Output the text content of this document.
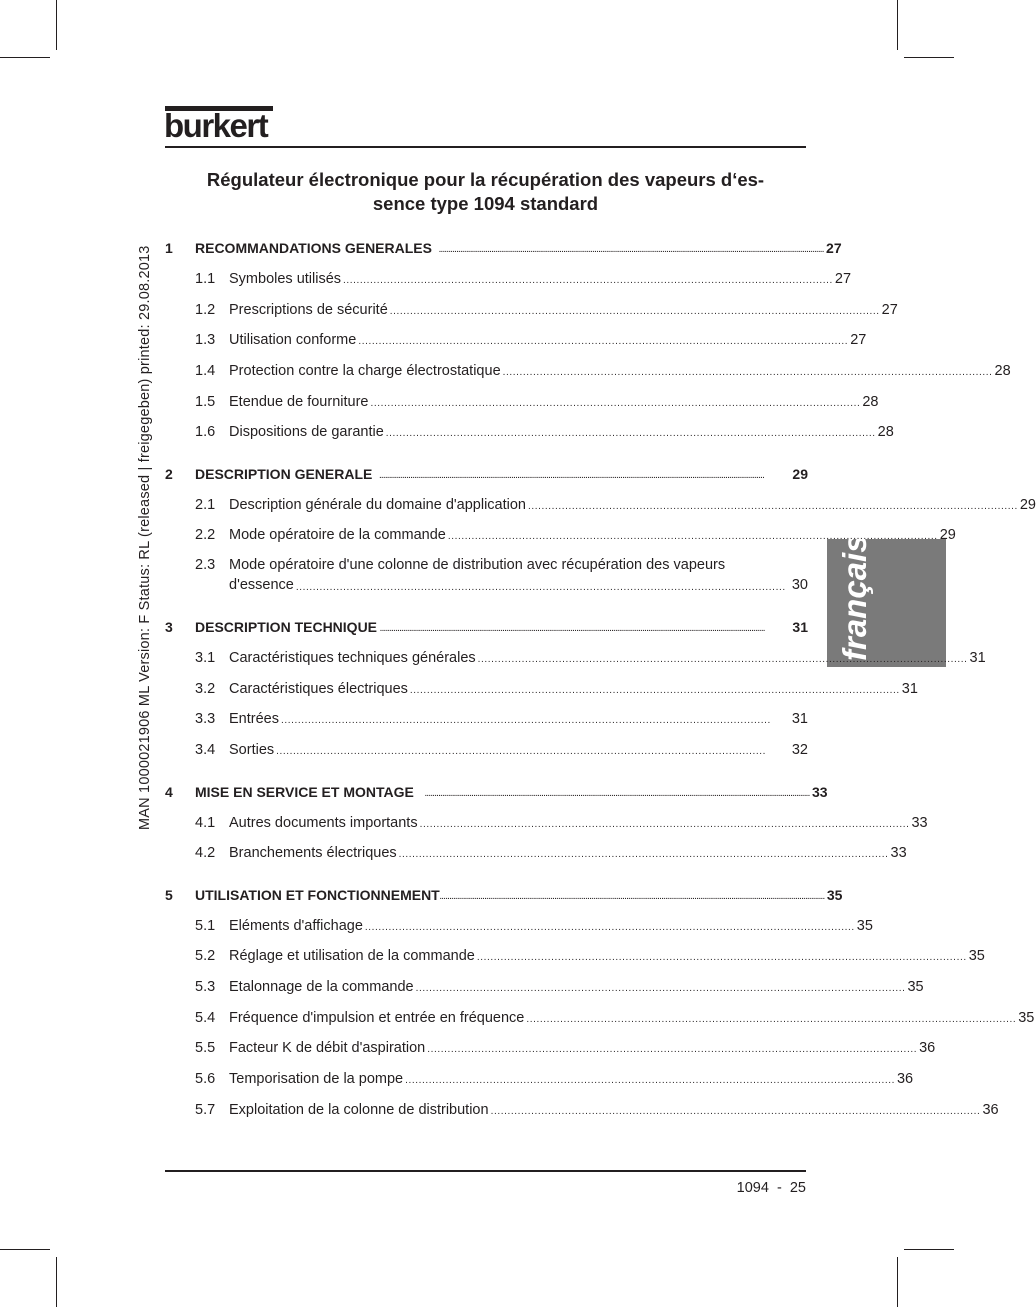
burkert
MAN 1000021906 ML Version: F Status: RL (released | freigegeben) printed: 29.08.2013	français
Régulateur électronique pour la récupération des vapeurs d‘es-
sence type 1094 standard
1	RECOMMANDATIONS GENERALES ...................................................................................................................................................................................................... 27
1.1 Symboles utilisés ................................................................................................................................................. 27
1.2 Prescriptions de sécurité ................................................................................................................................................. 27
1.3 Utilisation conforme ................................................................................................................................................. 27
1.4 Protection contre la charge électrostatique ................................................................................................................................................. 28
1.5 Etendue de fourniture ................................................................................................................................................. 28
1.6 Dispositions de garantie ................................................................................................................................................. 28
2	DESCRIPTION GENERALE ......................................................................................................................................................................................................	29
2.1 Description générale du domaine d'application ................................................................................................................................................. 29
2.2 Mode opératoire de la commande ................................................................................................................................................. 29
2.3 Mode opératoire d'une colonne de distribution avec récupération des vapeurs
d'essence ................................................................................................................................................. 30
3	DESCRIPTION TECHNIQUE ......................................................................................................................................................................................................	31
3.1 Caractéristiques techniques générales ................................................................................................................................................. 31
3.2 Caractéristiques électriques ................................................................................................................................................. 31
3.3 Entrées .................................................................................................................................................	31
3.4 Sorties .................................................................................................................................................	32
4	MISE EN SERVICE ET MONTAGE ...................................................................................................................................................................................................... 33
4.1 Autres documents importants ................................................................................................................................................. 33
4.2 Branchements électriques ................................................................................................................................................. 33
5	UTILISATION ET FONCTIONNEMENT ...................................................................................................................................................................................................... 35
5.1 Eléments d'affichage ................................................................................................................................................. 35
5.2 Réglage et utilisation de la commande ................................................................................................................................................. 35
5.3 Etalonnage de la commande ................................................................................................................................................. 35
5.4 Fréquence d'impulsion et entrée en fréquence ................................................................................................................................................. 35
5.5 Facteur K de débit d'aspiration ................................................................................................................................................. 36
5.6 Temporisation de la pompe ................................................................................................................................................. 36
5.7 Exploitation de la colonne de distribution ................................................................................................................................................. 36
1094  -  25
